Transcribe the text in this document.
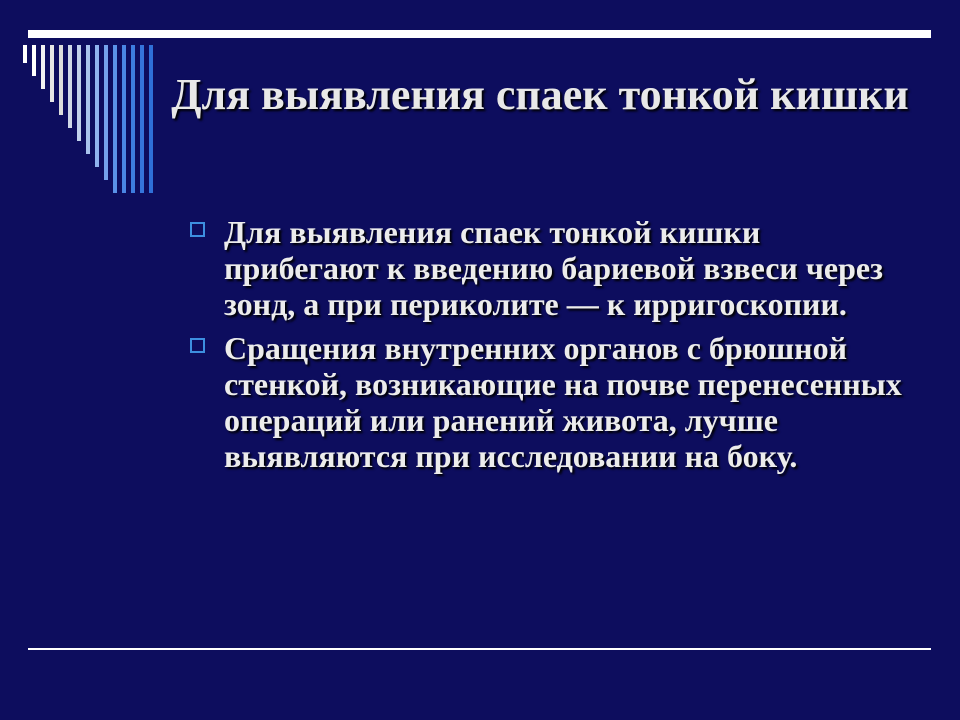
Для выявления спаек тонкой кишки
Для выявления спаек тонкой кишки прибегают к введению бариевой взвеси через зонд, а при периколите — к ирригоскопии.
Сращения внутренних органов с брюшной стенкой, возникающие на почве перенесенных операций или ранений живота, лучше выявляются при исследовании на боку.
